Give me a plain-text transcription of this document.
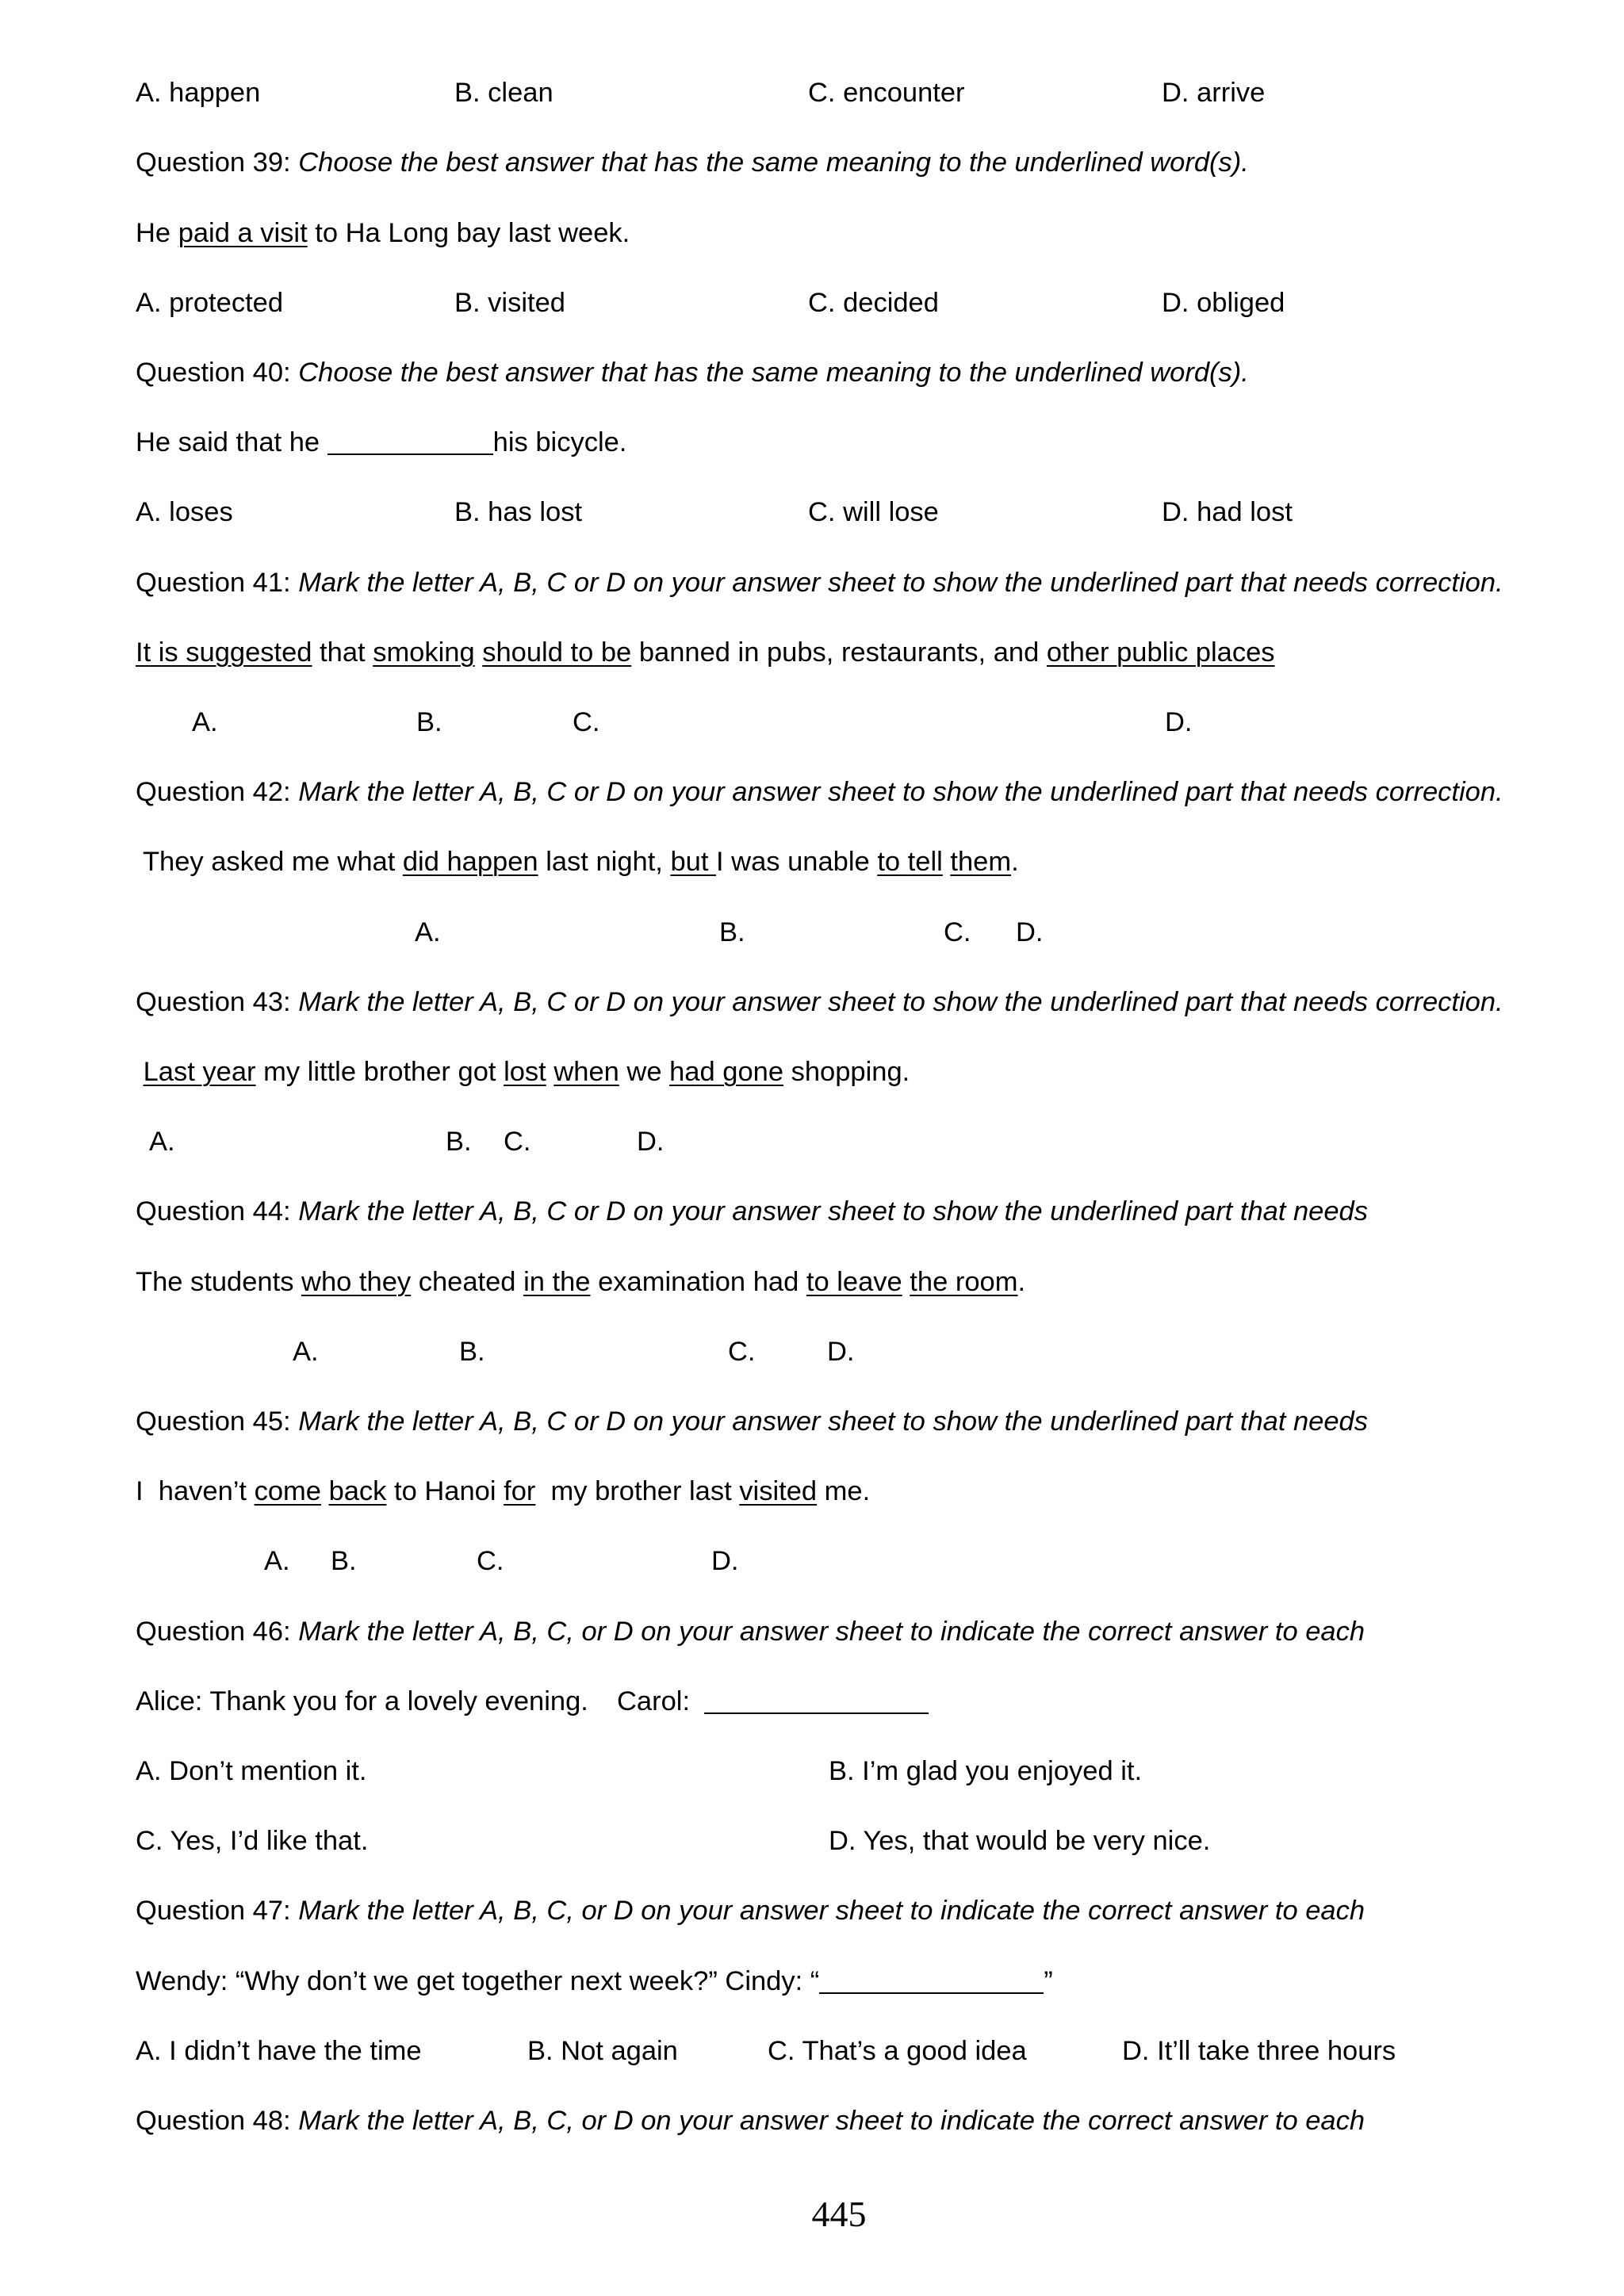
A. happen	B. clean	C. encounter	D. arrive
Question 39: Choose the best answer that has the same meaning to the underlined word(s).
He paid a visit to Ha Long bay last week.
A. protected	B. visited	C. decided	D. obliged
Question 40: Choose the best answer that has the same meaning to the underlined word(s).
He said that he	his bicycle.
A. loses	B. has lost	C. will lose	D. had lost
Question 41: Mark the letter A, B, C or D on your answer sheet to show the underlined part that needs correction.
It is suggested that smoking should to be banned in pubs, restaurants, and other public places
A.	B.	C.	D.
Question 42: Mark the letter A, B, C or D on your answer sheet to show the underlined part that needs correction.
They asked me what did happen last night, but I was unable to tell them.
A.	B.	C. D.
Question 43: Mark the letter A, B, C or D on your answer sheet to show the underlined part that needs correction.
Last year my little brother got lost when we had gone shopping.
A.	B. C.	D.
Question 44: Mark the letter A, B, C or D on your answer sheet to show the underlined part that needs
The students who they cheated in the examination had to leave the room.
A.	B.	C.	D.
Question 45: Mark the letter A, B, C or D on your answer sheet to show the underlined part that needs
I  haven’t come back to Hanoi for  my brother last visited me.
A. B.	C.	D.
Question 46: Mark the letter A, B, C, or D on your answer sheet to indicate the correct answer to each
Alice: Thank you for a lovely evening. Carol:
A. Don’t mention it.	B. I’m glad you enjoyed it.
C. Yes, I’d like that.	D. Yes, that would be very nice.
Question 47: Mark the letter A, B, C, or D on your answer sheet to indicate the correct answer to each
Wendy: “Why don’t we get together next week?” Cindy: “	”
A. I didn’t have the time	B. Not again	C. That’s a good idea	D. It’ll take three hours
Question 48: Mark the letter A, B, C, or D on your answer sheet to indicate the correct answer to each
445
